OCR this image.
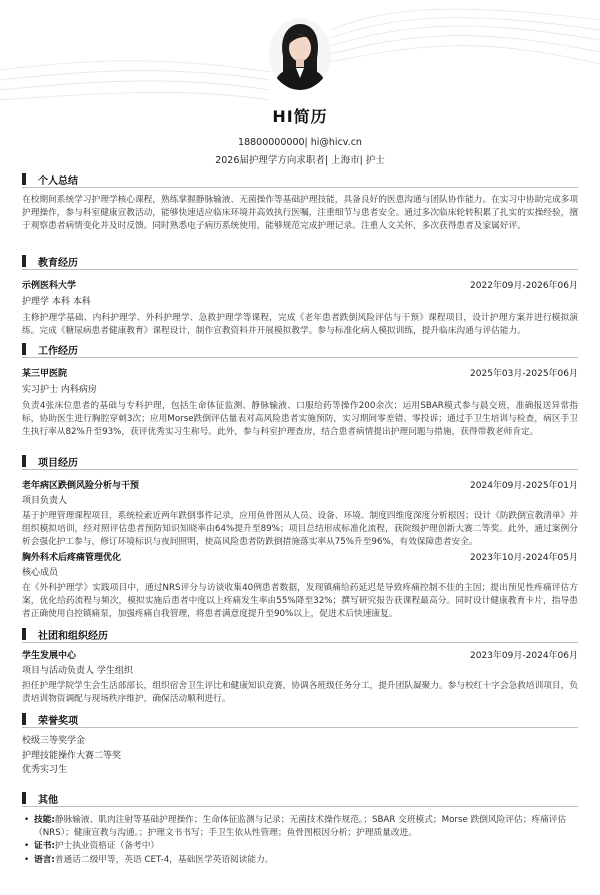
HI简历
18800000000| hi@hicv.cn
2026届护理学方向求职者| 上海市| 护士
个人总结

在校期间系统学习护理学核心课程，熟练掌握静脉输液、无菌操作等基础护理技能，具备良好的医患沟通与团队协作能力。在实习中协助完成多项护理操作，参与科室健康宣教活动，能够快速适应临床环境并高效执行医嘱，注重细节与患者安全。通过多次临床轮转积累了扎实的实操经验，擅于观察患者病情变化并及时反馈。同时熟悉电子病历系统使用，能够规范完成护理记录。注重人文关怀，多次获得患者及家属好评。

教育经历
示例医科大学	2022年09月-2026年06月
护理学 本科 本科

主修护理学基础、内科护理学、外科护理学、急救护理学等课程，完成《老年患者跌倒风险评估与干预》课程项目，设计护理方案并进行模拟演练。完成《糖尿病患者健康教育》课程设计，制作宣教资料并开展模拟教学。参与标准化病人模拟训练，提升临床沟通与评估能力。

工作经历
某三甲医院	2025年03月-2025年06月
实习护士 内科病房

负责4张床位患者的基础与专科护理，包括生命体征监测、静脉输液、口服给药等操作200余次；运用SBAR模式参与晨交班，准确报送异常指标，协助医生进行胸腔穿刺3次；应用Morse跌倒评估量表对高风险患者实施预防，实习期间零差错、零投诉；通过手卫生培训与检查，病区手卫生执行率从82%升至93%，获评优秀实习生称号。此外，参与科室护理查房，结合患者病情提出护理问题与措施，获得带教老师肯定。

项目经历
老年病区跌倒风险分析与干预	2024年09月-2025年01月
项目负责人

基于护理管理课程项目，系统检索近两年跌倒事件记录，应用鱼骨图从人员、设备、环境、制度四维度深度分析根因；设计《防跌倒宣教清单》并组织模拟培训，经对照评估患者预防知识知晓率由64%提升至89%；项目总结形成标准化流程，获院级护理创新大赛二等奖。此外，通过案例分析会强化护工参与，修订环境标识与夜间照明，使高风险患者防跌倒措施落实率从75%升至96%，有效保障患者安全。

胸外科术后疼痛管理优化	2023年10月-2024年05月
核心成员

在《外科护理学》实践项目中，通过NRS评分与访谈收集40例患者数据，发现镇痛给药延迟是导致疼痛控制不佳的主因；提出预见性疼痛评估方案，优化给药流程与频次，模拟实施后患者中度以上疼痛发生率由55%降至32%；撰写研究报告获课程最高分。同时设计健康教育卡片，指导患者正确使用自控镇痛泵，加强疼痛自我管理，将患者满意度提升至90%以上，促进术后快速康复。

社团和组织经历
学生发展中心	2023年09月-2024年06月
项目与活动负责人 学生组织

担任护理学院学生会生活部部长，组织宿舍卫生评比和健康知识竞赛，协调各班级任务分工，提升团队凝聚力。参与校红十字会急救培训项目，负责培训物资调配与现场秩序维护，确保活动顺利进行。

荣誉奖项
校级三等奖学金
护理技能操作大赛二等奖
优秀实习生
其他
• 技能:静脉输液、肌肉注射等基础护理操作；生命体征监测与记录；无菌技术操作规范。；SBAR 交班模式；Morse 跌倒风险评估；疼痛评估（NRS）；健康宣教与沟通。；护理文书书写；手卫生依从性管理；鱼骨图根因分析；护理质量改进。
• 证书:护士执业资格证（备考中）
• 语言:普通话二级甲等，英语 CET-4，基础医学英语阅读能力。
